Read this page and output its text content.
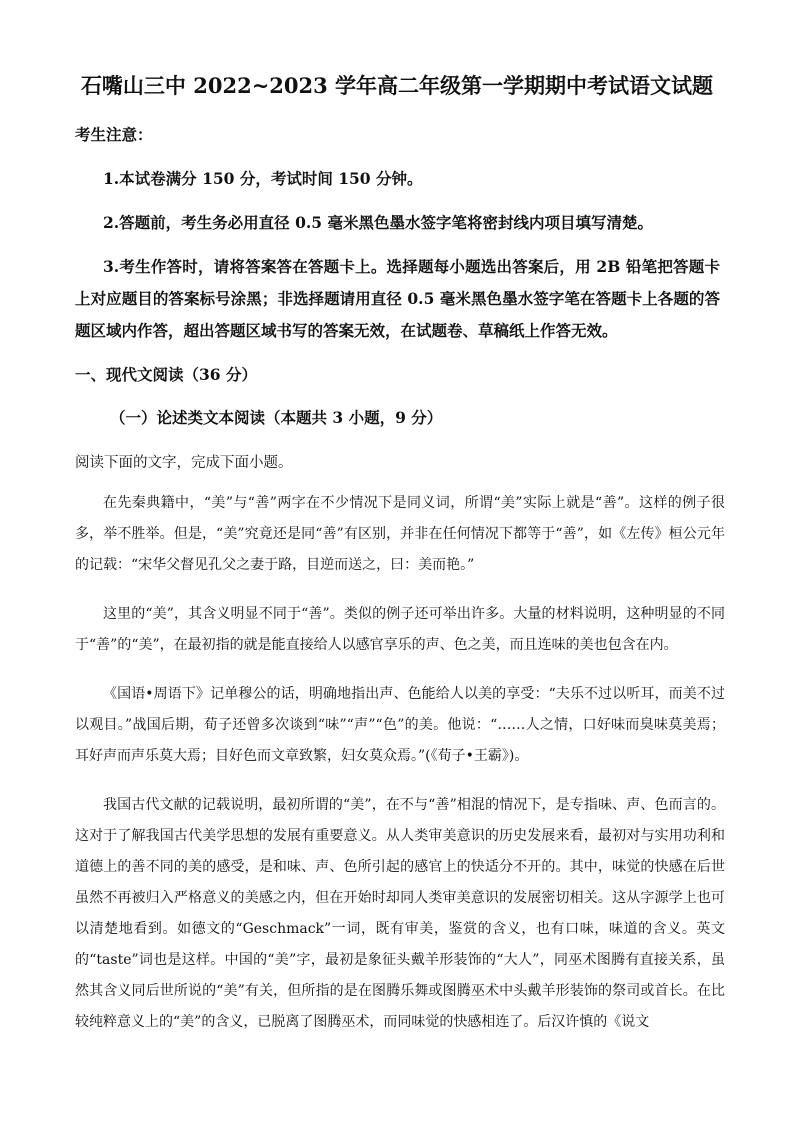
石嘴山三中 2022~2023 学年高二年级第一学期期中考试语文试题
考生注意：
1.本试卷满分 150 分，考试时间 150 分钟。
2.答题前，考生务必用直径 0.5 毫米黑色墨水签字笔将密封线内项目填写清楚。
3.考生作答时，请将答案答在答题卡上。选择题每小题选出答案后，用 2B 铅笔把答题卡上对应题目的答案标号涂黑；非选择题请用直径 0.5 毫米黑色墨水签字笔在答题卡上各题的答题区域内作答，超出答题区域书写的答案无效，在试题卷、草稿纸上作答无效。
一、现代文阅读（36 分）
（一）论述类文本阅读（本题共 3 小题，9 分）
阅读下面的文字，完成下面小题。

在先秦典籍中，“美”与“善”两字在不少情况下是同义词，所谓“美”实际上就是“善”。这样的例子很多，举不胜举。但是，“美”究竟还是同“善”有区别，并非在任何情况下都等于“善”，如《左传》桓公元年的记载：“宋华父督见孔父之妻于路，目逆而送之，曰：美而艳。”

这里的“美”，其含义明显不同于“善”。类似的例子还可举出许多。大量的材料说明，这种明显的不同于“善”的“美”，在最初指的就是能直接给人以感官享乐的声、色之美，而且连味的美也包含在内。

《国语•周语下》记单穆公的话，明确地指出声、色能给人以美的享受：“夫乐不过以听耳，而美不过以观目。”战国后期，荀子还曾多次谈到“味”“声”“色”的美。他说：“……人之情，口好味而臭味莫美焉；耳好声而声乐莫大焉；目好色而文章致繁，妇女莫众焉。”(《荀子•王霸》)。

我国古代文献的记载说明，最初所谓的“美”，在不与“善”相混的情况下，是专指味、声、色而言的。这对于了解我国古代美学思想的发展有重要意义。从人类审美意识的历史发展来看，最初对与实用功利和道德上的善不同的美的感受，是和味、声、色所引起的感官上的快适分不开的。其中，味觉的快感在后世虽然不再被归入严格意义的美感之内，但在开始时却同人类审美意识的发展密切相关。这从字源学上也可以清楚地看到。如德文的“Geschmack”一词，既有审美，鉴赏的含义，也有口味，味道的含义。英文的“taste”词也是这样。中国的“美”字，最初是象征头戴羊形装饰的“大人”，同巫术图腾有直接关系，虽然其含义同后世所说的“美”有关，但所指的是在图腾乐舞或图腾巫术中头戴羊形装饰的祭司或首长。在比较纯粹意义上的“美”的含义，已脱离了图腾巫术，而同味觉的快感相连了。后汉许慎的《说文
